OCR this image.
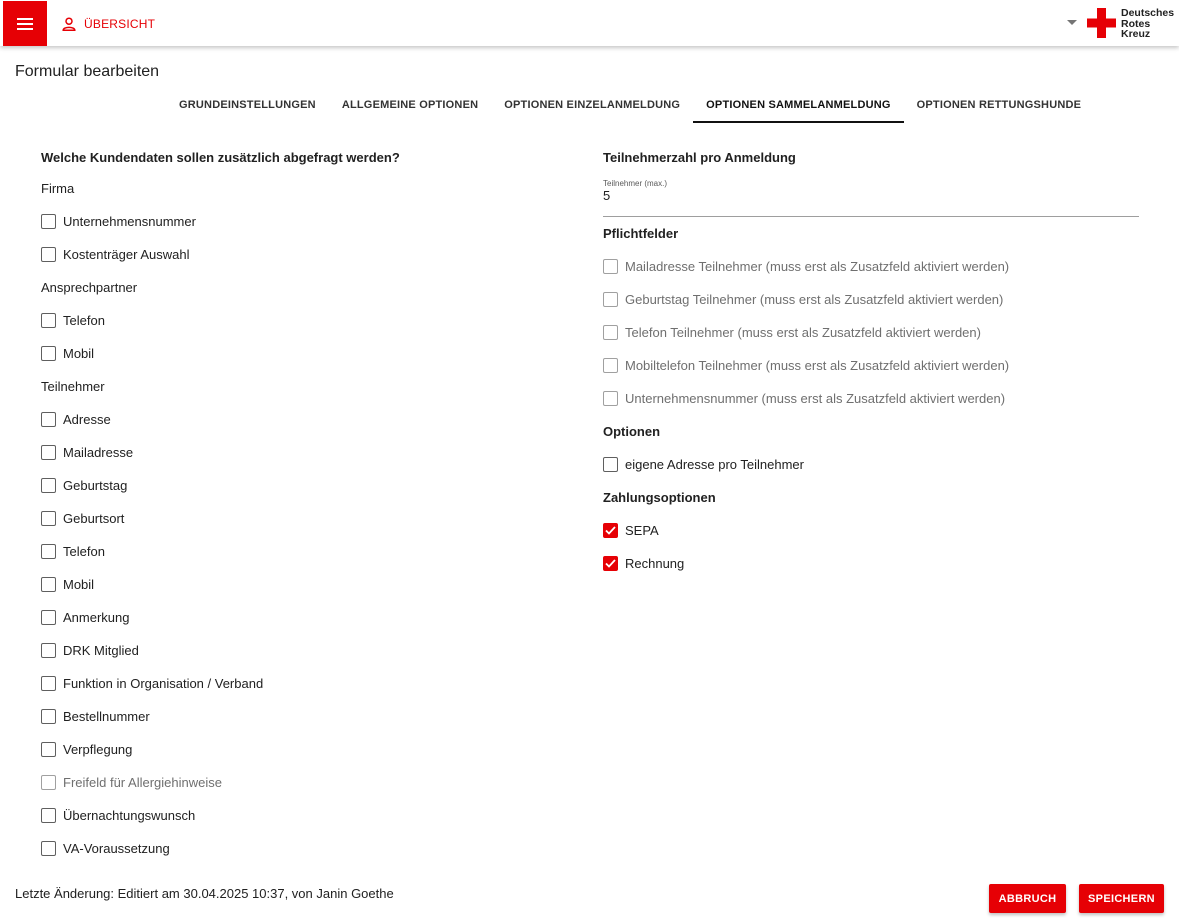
ÜBERSICHT
Deutsches
Rotes
Kreuz
Formular bearbeiten
GRUNDEINSTELLUNGEN	ALLGEMEINE OPTIONEN	OPTIONEN EINZELANMELDUNG	OPTIONEN SAMMELANMELDUNG	OPTIONEN RETTUNGSHUNDE
Welche Kundendaten sollen zusätzlich abgefragt werden?
Firma
Unternehmensnummer
Kostenträger Auswahl
Ansprechpartner
Telefon
Mobil
Teilnehmer
Adresse
Mailadresse
Geburtstag
Geburtsort
Telefon
Mobil
Anmerkung
DRK Mitglied
Funktion in Organisation / Verband
Bestellnummer
Verpflegung
Freifeld für Allergiehinweise
Übernachtungswunsch
VA-Voraussetzung
Teilnehmerzahl pro Anmeldung
Teilnehmer (max.)
5
Pflichtfelder
Mailadresse Teilnehmer (muss erst als Zusatzfeld aktiviert werden)
Geburtstag Teilnehmer (muss erst als Zusatzfeld aktiviert werden)
Telefon Teilnehmer (muss erst als Zusatzfeld aktiviert werden)
Mobiltelefon Teilnehmer (muss erst als Zusatzfeld aktiviert werden)
Unternehmensnummer (muss erst als Zusatzfeld aktiviert werden)
Optionen
eigene Adresse pro Teilnehmer
Zahlungsoptionen
SEPA
Rechnung
Letzte Änderung: Editiert am 30.04.2025 10:37, von Janin Goethe	ABBRUCH	SPEICHERN
